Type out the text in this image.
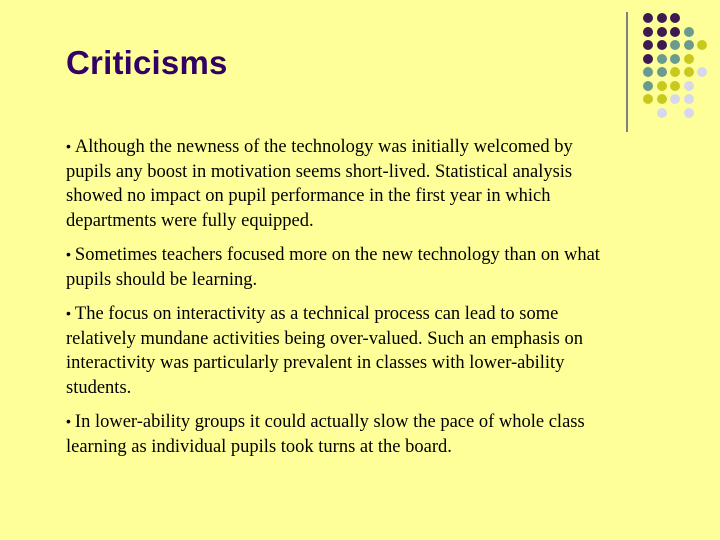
Criticisms
• Although the newness of the technology was initially welcomed by pupils any boost in motivation seems short-lived. Statistical analysis showed no impact on pupil performance in the first year in which departments were fully equipped.
• Sometimes teachers focused more on the new technology than on what pupils should be learning.
• The focus on interactivity as a technical process can lead to some relatively mundane activities being over-valued. Such an emphasis on interactivity was particularly prevalent in classes with lower-ability students.
• In lower-ability groups it could actually slow the pace of whole class learning as individual pupils took turns at the board.
